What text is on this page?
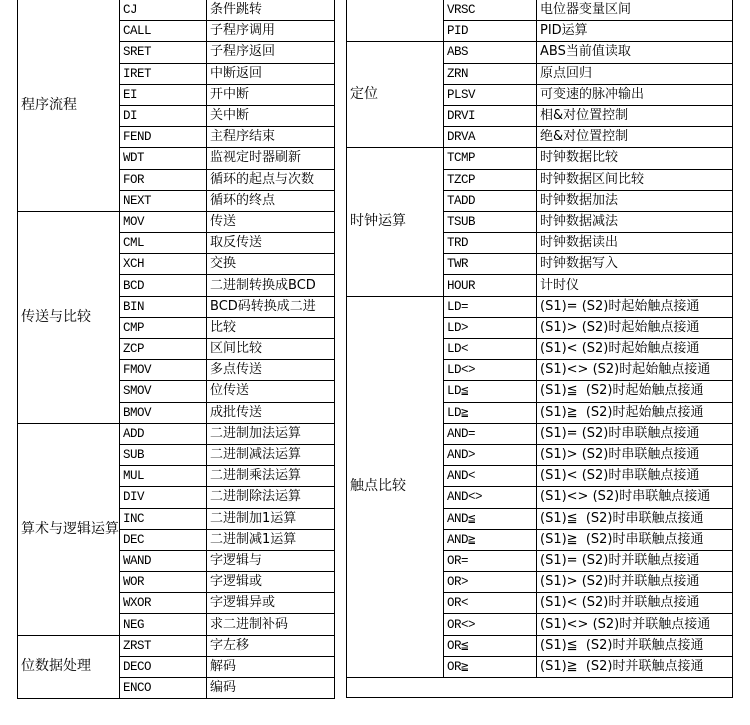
程序流程	CJ	条件跳转
	CALL	子程序调用
	SRET	子程序返回
	IRET	中断返回
	EI	开中断
	DI	关中断
	FEND	主程序结束
	WDT	监视定时器刷新
	FOR	循环的起点与次数
	NEXT	循环的终点
传送与比较	MOV	传送
	CML	取反传送
	XCH	交换
	BCD	二进制转换成BCD
	BIN	BCD码转换成二进
	CMP	比较
	ZCP	区间比较
	FMOV	多点传送
	SMOV	位传送
	BMOV	成批传送
算术与逻辑运算	ADD	二进制加法运算
	SUB	二进制减法运算
	MUL	二进制乘法运算
	DIV	二进制除法运算
	INC	二进制加1运算
	DEC	二进制减1运算
	WAND	字逻辑与
	WOR	字逻辑或
	WXOR	字逻辑异或
	NEG	求二进制补码
位数据处理	ZRST	字左移
	DECO	解码
	ENCO	编码
	VRSC	电位器变量区间
	PID	PID运算
定位	ABS	ABS当前值读取
	ZRN	原点回归
	PLSV	可变速的脉冲输出
	DRVI	相&对位置控制
	DRVA	绝&对位置控制
时钟运算	TCMP	时钟数据比较
	TZCP	时钟数据区间比较
	TADD	时钟数据加法
	TSUB	时钟数据减法
	TRD	时钟数据读出
	TWR	时钟数据写入
	HOUR	计时仪
触点比较	LD=	(S1)= (S2)时起始触点接通
	LD>	(S1)> (S2)时起始触点接通
	LD<	(S1)< (S2)时起始触点接通
	LD<>	(S1)<> (S2)时起始触点接通
	LD≦	(S1)≦  (S2)时起始触点接通
	LD≧	(S1)≧  (S2)时起始触点接通
	AND=	(S1)= (S2)时串联触点接通
	AND>	(S1)> (S2)时串联触点接通
	AND<	(S1)< (S2)时串联触点接通
	AND<>	(S1)<> (S2)时串联触点接通
	AND≦	(S1)≦  (S2)时串联触点接通
	AND≧	(S1)≧  (S2)时串联触点接通
	OR=	(S1)= (S2)时并联触点接通
	OR>	(S1)> (S2)时并联触点接通
	OR<	(S1)< (S2)时并联触点接通
	OR<>	(S1)<> (S2)时并联触点接通
	OR≦	(S1)≦  (S2)时并联触点接通
	OR≧	(S1)≧  (S2)时并联触点接通
